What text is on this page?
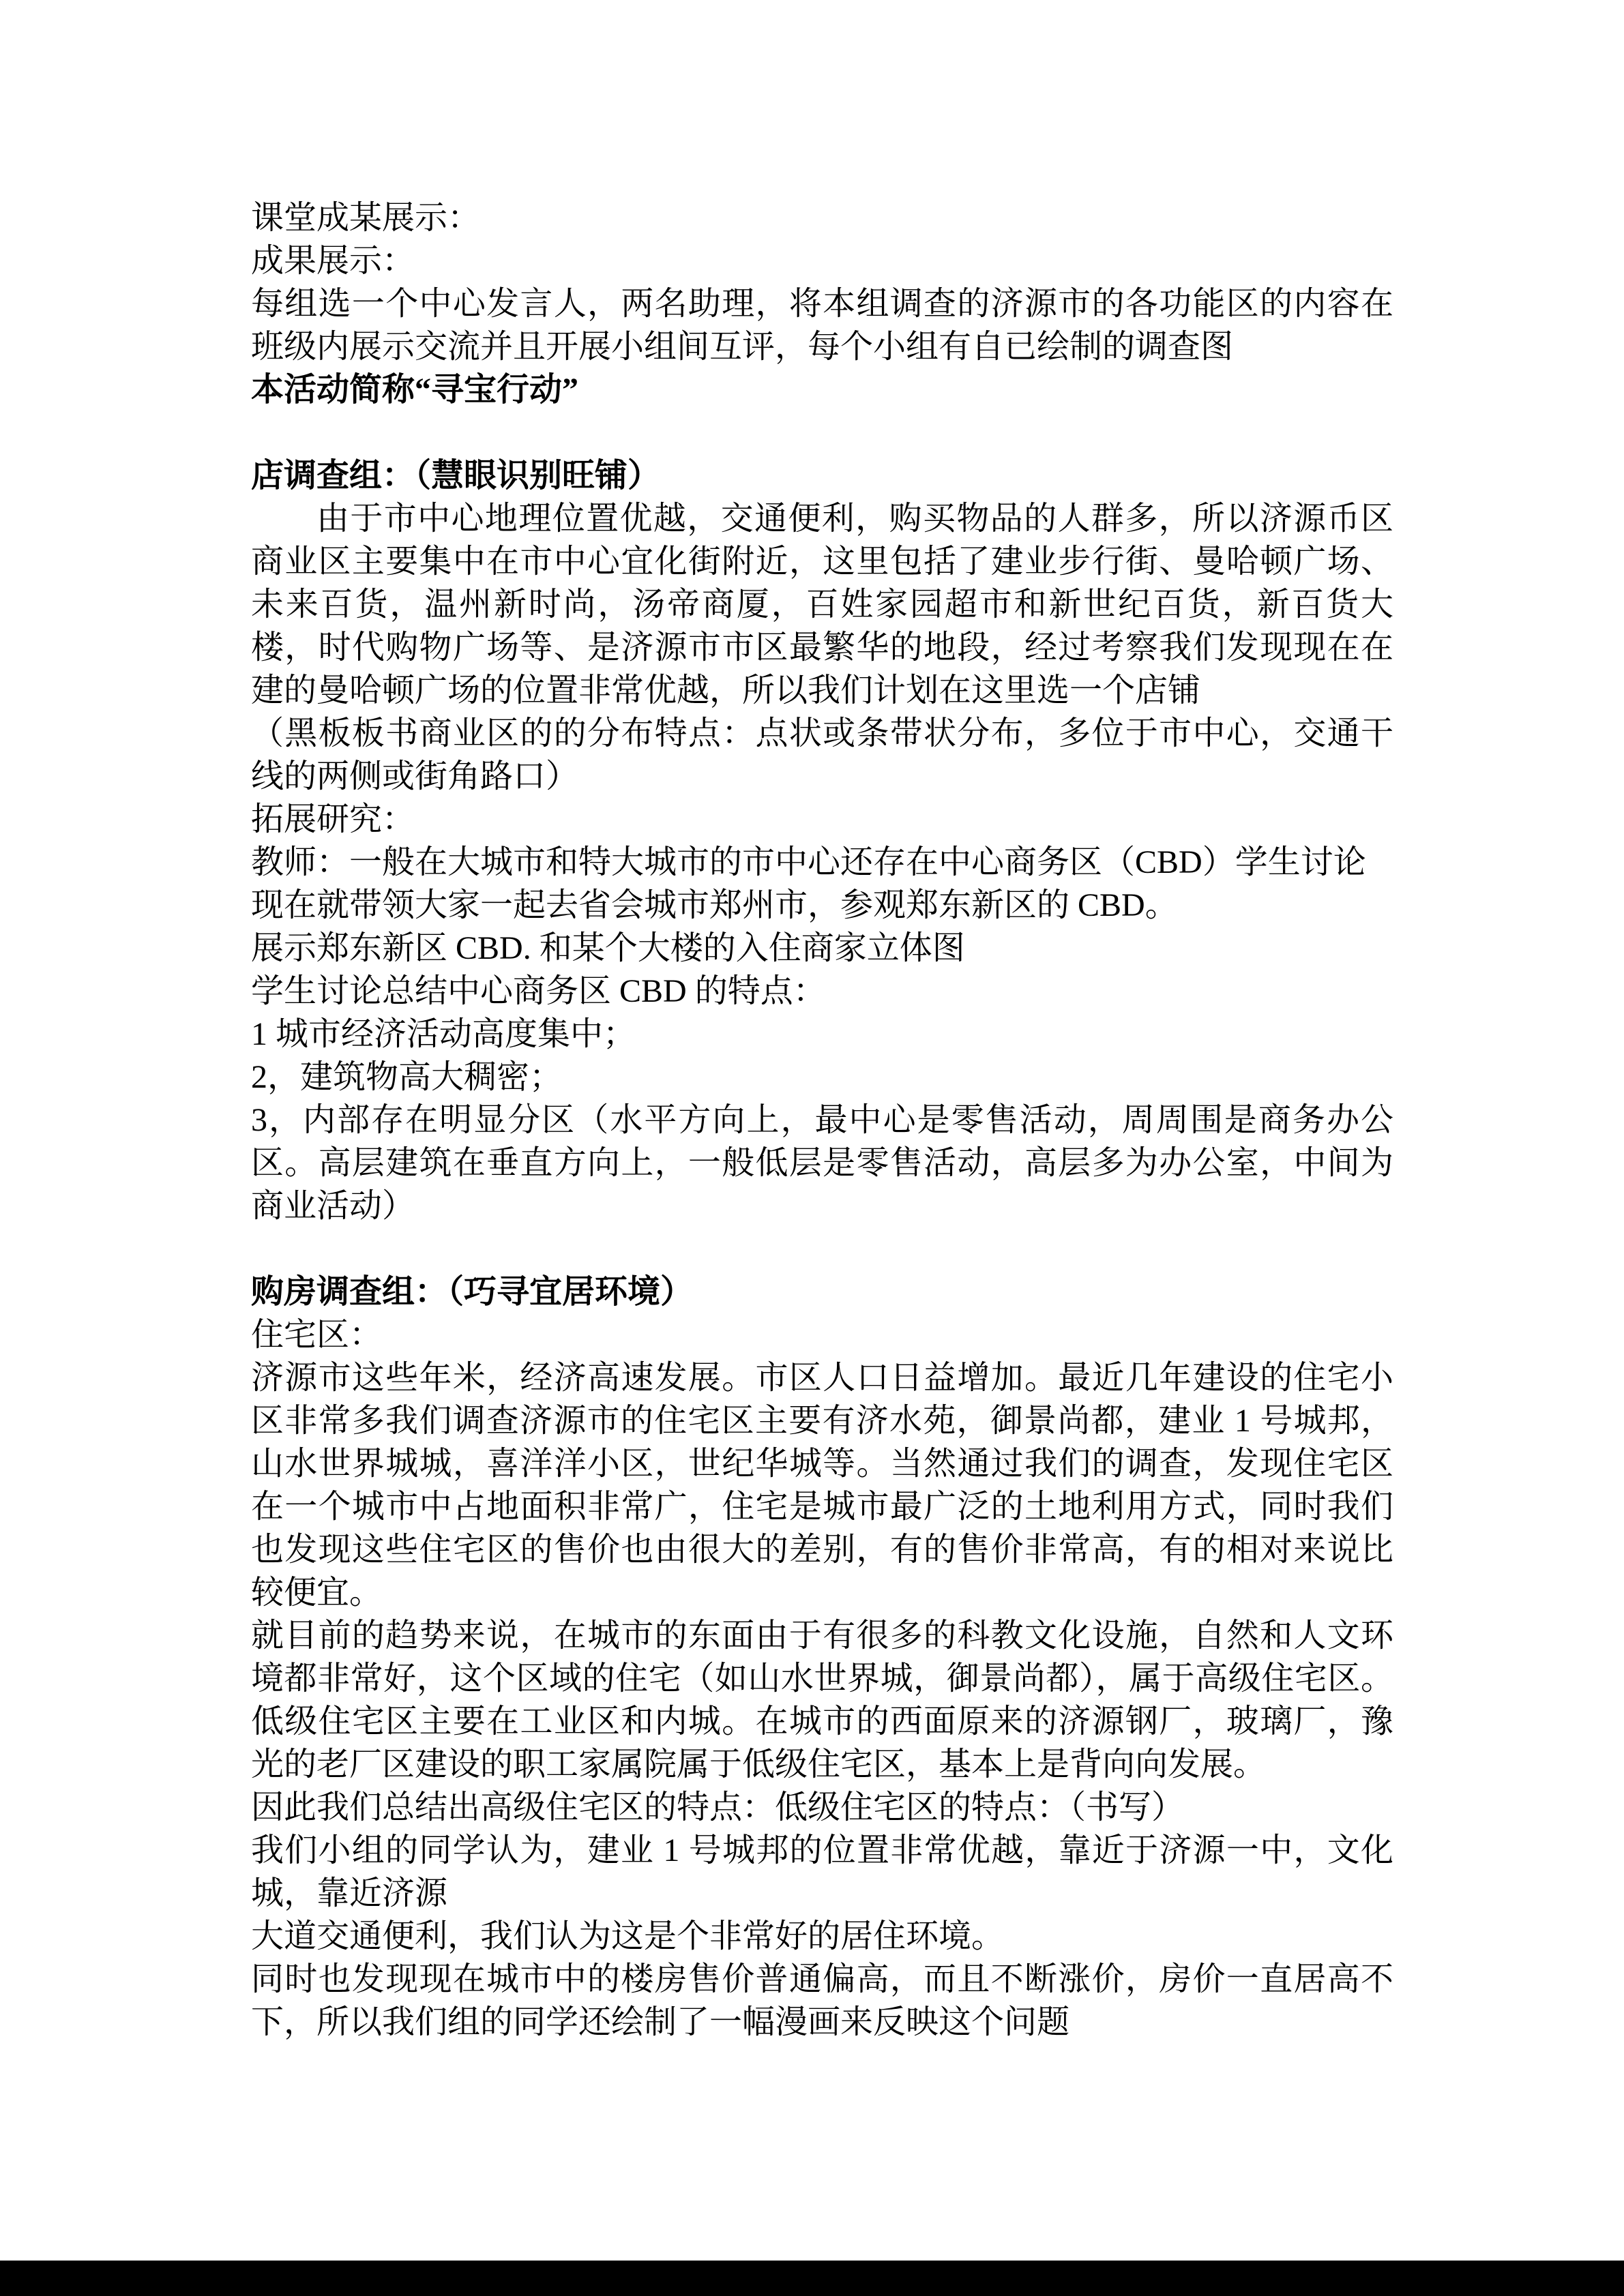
课堂成某展示：

成果展示：

每组选一个中心发言人，两名助理，将本组调查的济源市的各功能区的内容在班级内展示交流并且开展小组间互评，每个小组有自已绘制的调查图

本活动简称“寻宝行动”

店调查组：（慧眼识别旺铺）

由于市中心地理位置优越，交通便利，购买物品的人群多，所以济源币区商业区主要集中在市中心宜化街附近，这里包括了建业步行街、曼哈顿广场、未来百货，温州新时尚，汤帝商厦，百姓家园超市和新世纪百货，新百货大楼，时代购物广场等、是济源市市区最繁华的地段，经过考察我们发现现在在建的曼哈顿广场的位置非常优越，所以我们计划在这里选一个店铺

（黑板板书商业区的的分布特点：点状或条带状分布，多位于市中心，交通干线的两侧或街角路口）

拓展研究：

教师：一般在大城市和特大城市的市中心还存在中心商务区（CBD）学生讨论

现在就带领大家一起去省会城市郑州市，参观郑东新区的 CBD。

展示郑东新区 CBD. 和某个大楼的入住商家立体图

学生讨论总结中心商务区 CBD 的特点：

1 城市经济活动高度集中；

2，建筑物高大稠密；

3，内部存在明显分区（水平方向上，最中心是零售活动，周周围是商务办公区。高层建筑在垂直方向上，一般低层是零售活动，高层多为办公室，中间为商业活动）

购房调查组：（巧寻宜居环境）

住宅区：

济源市这些年米，经济高速发展。市区人口日益增加。最近几年建设的住宅小区非常多我们调查济源市的住宅区主要有济水苑，御景尚都，建业 1 号城邦，山水世界城城，喜洋洋小区，世纪华城等。当然通过我们的调查，发现住宅区在一个城市中占地面积非常广，住宅是城市最广泛的土地利用方式，同时我们也发现这些住宅区的售价也由很大的差别，有的售价非常高，有的相对来说比较便宜。

就目前的趋势来说，在城市的东面由于有很多的科教文化设施，自然和人文环境都非常好，这个区域的住宅（如山水世界城，御景尚都），属于高级住宅区。低级住宅区主要在工业区和内城。在城市的西面原来的济源钢厂，玻璃厂，豫光的老厂区建设的职工家属院属于低级住宅区，基本上是背向向发展。

因此我们总结出高级住宅区的特点：低级住宅区的特点：（书写）

我们小组的同学认为，建业 1 号城邦的位置非常优越，靠近于济源一中，文化城，靠近济源

大道交通便利，我们认为这是个非常好的居住环境。

同时也发现现在城市中的楼房售价普通偏高，而且不断涨价，房价一直居高不下，所以我们组的同学还绘制了一幅漫画来反映这个问题
